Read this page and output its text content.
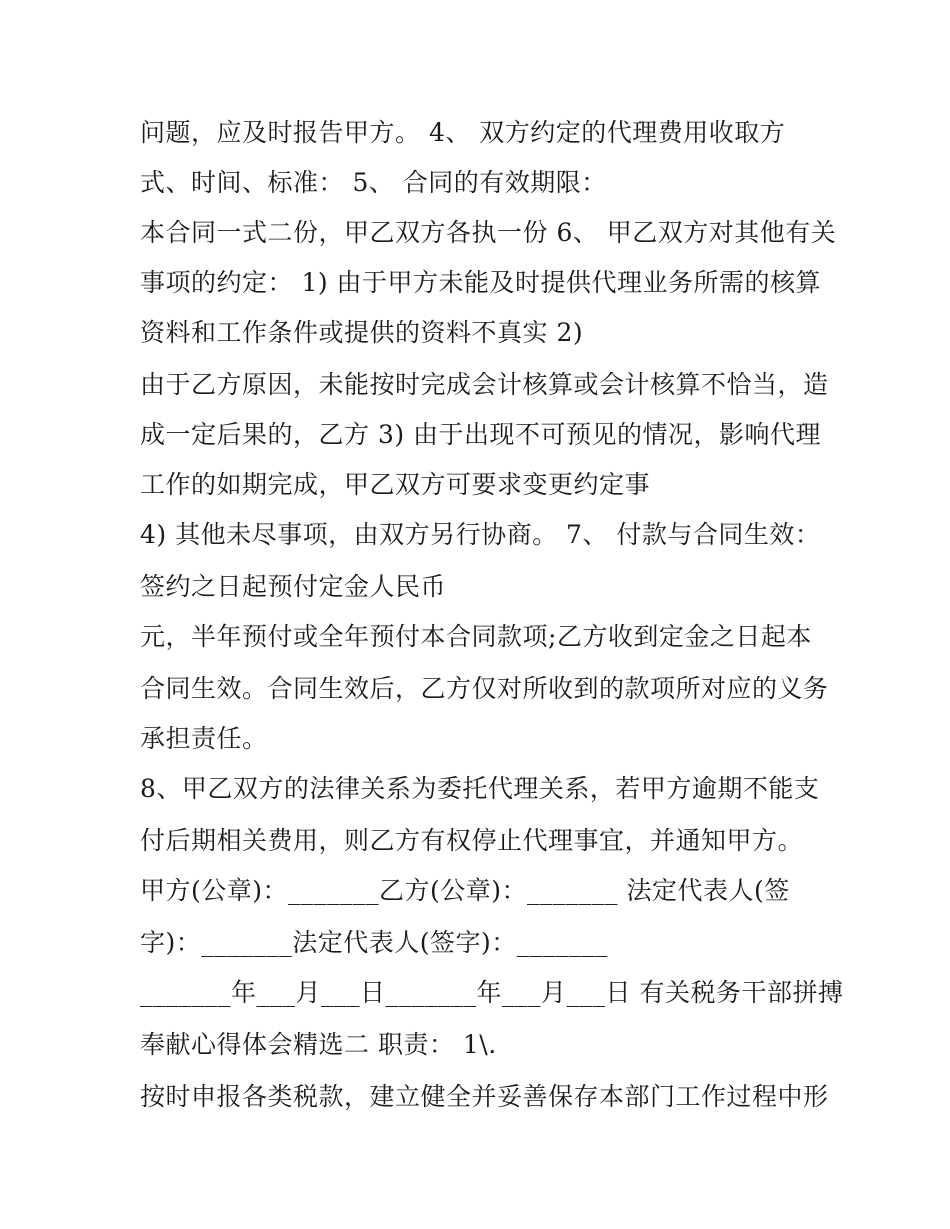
问题，应及时报告甲方。 4、 双方约定的代理费用收取方
式、时间、标准： 5、 合同的有效期限：
本合同一式二份，甲乙双方各执一份 6、 甲乙双方对其他有关
事项的约定： 1) 由于甲方未能及时提供代理业务所需的核算
资料和工作条件或提供的资料不真实 2)
由于乙方原因，未能按时完成会计核算或会计核算不恰当，造
成一定后果的，乙方 3) 由于出现不可预见的情况，影响代理
工作的如期完成，甲乙双方可要求变更约定事
4) 其他未尽事项，由双方另行协商。 7、 付款与合同生效：
签约之日起预付定金人民币
元，半年预付或全年预付本合同款项;乙方收到定金之日起本
合同生效。合同生效后，乙方仅对所收到的款项所对应的义务
承担责任。
8、甲乙双方的法律关系为委托代理关系，若甲方逾期不能支
付后期相关费用，则乙方有权停止代理事宜，并通知甲方。
甲方(公章)：_______乙方(公章)：_______ 法定代表人(签
字)：_______法定代表人(签字)：_______
_______年___月___日_______年___月___日 有关税务干部拼搏
奉献心得体会精选二 职责： 1\.
按时申报各类税款，建立健全并妥善保存本部门工作过程中形
